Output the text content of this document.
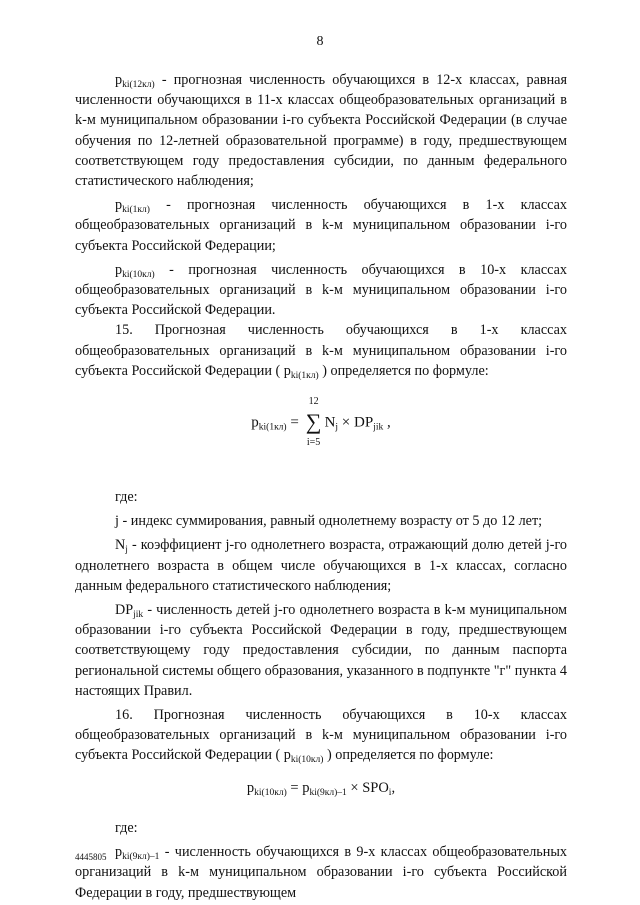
8

$p_{ki(12кл)}$ - прогнозная численность обучающихся в 12-х классах, равная численности обучающихся в 11-х классах общеобразовательных организаций в k-м муниципальном образовании i-го субъекта Российской Федерации (в случае обучения по 12-летней образовательной программе) в году, предшествующем соответствующем году предоставления субсидии, по данным федерального статистического наблюдения;

$p_{ki(1кл)}$ - прогнозная численность обучающихся в 1-х классах общеобразовательных организаций в k-м муниципальном образовании i-го субъекта Российской Федерации;

$p_{ki(10кл)}$ - прогнозная численность обучающихся в 10-х классах общеобразовательных организаций в k-м муниципальном образовании i-го субъекта Российской Федерации.

15. Прогнозная численность обучающихся в 1-х классах общеобразовательных организаций в k-м муниципальном образовании i-го субъекта Российской Федерации ( $p_{ki(1кл)}$ ) определяется по формуле:

$p_{ki(1кл)}$ =
12
∑
i=5
$N_j \times DP_{jik}$ ,
где:

j - индекс суммирования, равный однолетнему возрасту от 5 до 12 лет;

$N_j$ - коэффициент j-го однолетнего возраста, отражающий долю детей j-го однолетнего возраста в общем числе обучающихся в 1-х классах, согласно данным федерального статистического наблюдения;

$DP_{jik}$ - численность детей j-го однолетнего возраста в k-м муниципальном образовании i-го субъекта Российской Федерации в году, предшествующем соответствующему году предоставления субсидии, по данным паспорта региональной системы общего образования, указанного в подпункте "г" пункта 4 настоящих Правил.

16. Прогнозная численность обучающихся в 10-х классах общеобразовательных организаций в k-м муниципальном образовании i-го субъекта Российской Федерации ( $p_{ki(10кл)}$ ) определяется по формуле:

$p_{ki(10кл)} = p_{ki(9кл)-1} \times SPO_i$,
где:

$p_{ki(9кл)-1}$ - численность обучающихся в 9-х классах общеобразовательных организаций в k-м муниципальном образовании i-го субъекта Российской Федерации в году, предшествующем

4445805
